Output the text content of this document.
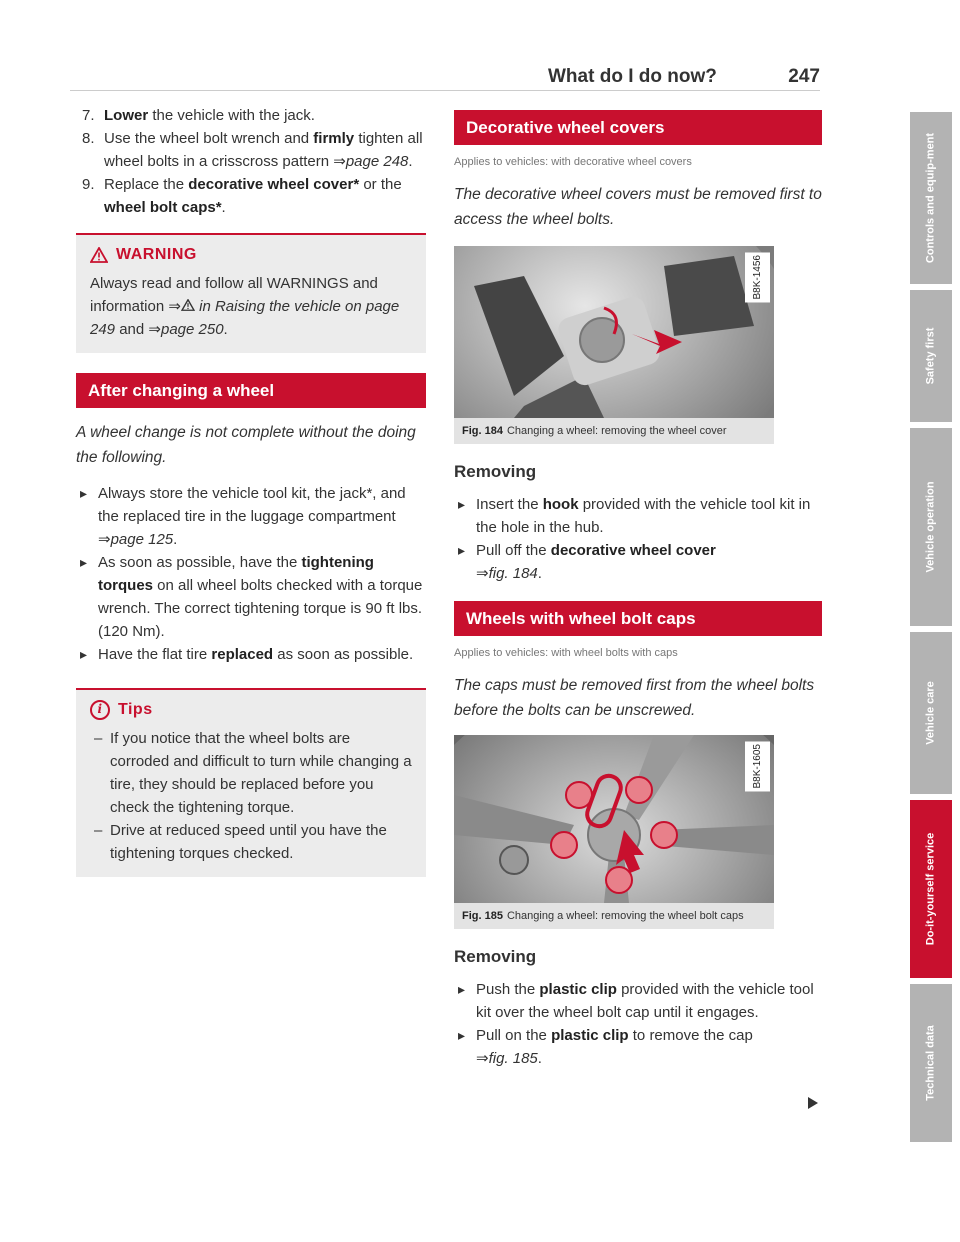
What do I do now?	247

7. Lower the vehicle with the jack.

8. Use the wheel bolt wrench and firmly tighten all wheel bolts in a crisscross pattern ⇒page 248.

9. Replace the decorative wheel cover* or the wheel bolt caps*.

WARNING

Always read and follow all WARNINGS and information ⇒ in Raising the vehicle on page 249 and ⇒page 250.

After changing a wheel

A wheel change is not complete without the doing the following.

▸ Always store the vehicle tool kit, the jack*, and the replaced tire in the luggage compartment ⇒page 125.

▸ As soon as possible, have the tightening torques on all wheel bolts checked with a torque wrench. The correct tightening torque is 90 ft lbs. (120 Nm).

▸ Have the flat tire replaced as soon as possible.

i Tips

– If you notice that the wheel bolts are corroded and difficult to turn while changing a tire, they should be replaced before you check the tightening torque.

– Drive at reduced speed until you have the tightening torques checked.

Decorative wheel covers
Applies to vehicles: with decorative wheel covers

The decorative wheel covers must be removed first to access the wheel bolts.

B8K-1456
Fig. 184 Changing a wheel: removing the wheel cover
Removing

▸ Insert the hook provided with the vehicle tool kit in the hole in the hub.

▸ Pull off the decorative wheel cover
⇒fig. 184.

Wheels with wheel bolt caps
Applies to vehicles: with wheel bolts with caps

The caps must be removed first from the wheel bolts before the bolts can be unscrewed.

B8K-1605
Fig. 185 Changing a wheel: removing the wheel bolt caps
Removing

▸ Push the plastic clip provided with the vehicle tool kit over the wheel bolt cap until it engages.

▸ Pull on the plastic clip to remove the cap
⇒fig. 185.

Controls and equip-ment
Safety first
Vehicle operation
Vehicle care
Do-it-yourself service
Technical data
